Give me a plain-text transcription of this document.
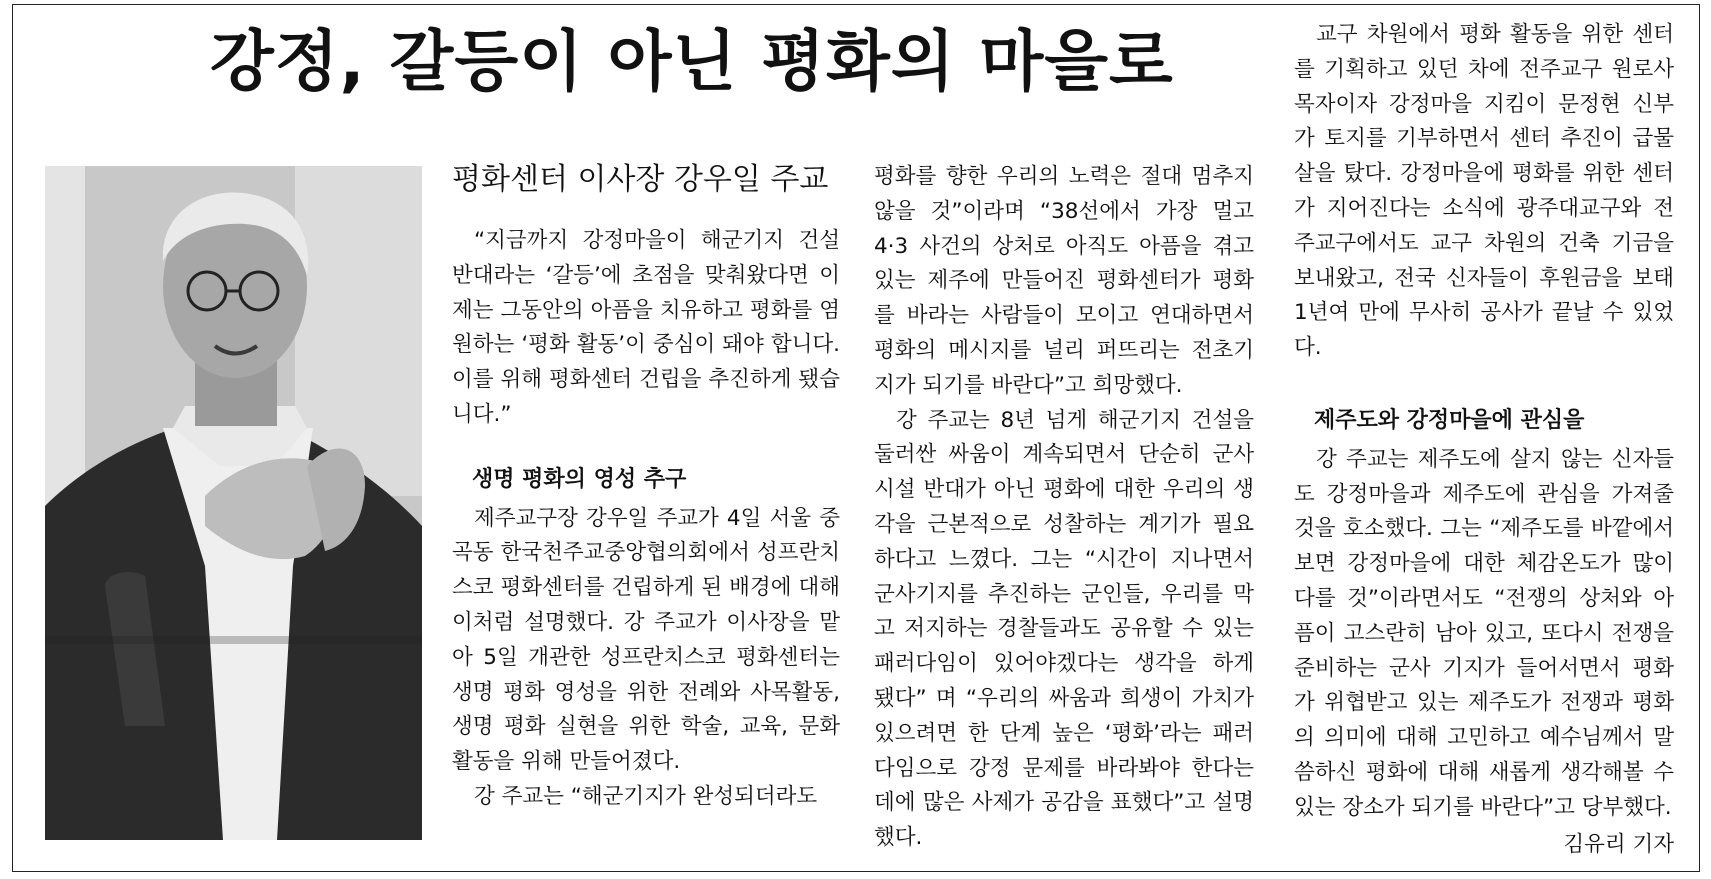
강정, 갈등이 아닌 평화의 마을로

평화센터 이사장 강우일 주교

“지금까지 강정마을이 해군기지 건설 반대라는 ‘갈등’에 초점을 맞춰왔다면 이제는 그동안의 아픔을 치유하고 평화를 염원하는 ‘평화 활동’이 중심이 돼야 합니다. 이를 위해 평화센터 건립을 추진하게 됐습니다.”

생명 평화의 영성 추구

제주교구장 강우일 주교가 4일 서울 중곡동 한국천주교중앙협의회에서 성프란치스코 평화센터를 건립하게 된 배경에 대해 이처럼 설명했다. 강 주교가 이사장을 맡아 5일 개관한 성프란치스코 평화센터는 생명 평화 영성을 위한 전례와 사목활동, 생명 평화 실현을 위한 학술, 교육, 문화 활동을 위해 만들어졌다.

강 주교는 “해군기지가 완성되더라도

평화를 향한 우리의 노력은 절대 멈추지 않을 것”이라며 “38선에서 가장 멀고 4·3 사건의 상처로 아직도 아픔을 겪고 있는 제주에 만들어진 평화센터가 평화를 바라는 사람들이 모이고 연대하면서 평화의 메시지를 널리 퍼뜨리는 전초기지가 되기를 바란다”고 희망했다.

강 주교는 8년 넘게 해군기지 건설을 둘러싼 싸움이 계속되면서 단순히 군사 시설 반대가 아닌 평화에 대한 우리의 생각을 근본적으로 성찰하는 계기가 필요하다고 느꼈다. 그는 “시간이 지나면서 군사기지를 추진하는 군인들, 우리를 막고 저지하는 경찰들과도 공유할 수 있는 패러다임이 있어야겠다는 생각을 하게 됐다” 며 “우리의 싸움과 희생이 가치가 있으려면 한 단계 높은 ‘평화’라는 패러다임으로 강정 문제를 바라봐야 한다는 데에 많은 사제가 공감을 표했다”고 설명했다.

교구 차원에서 평화 활동을 위한 센터를 기획하고 있던 차에 전주교구 원로사목자이자 강정마을 지킴이 문정현 신부가 토지를 기부하면서 센터 추진이 급물살을 탔다. 강정마을에 평화를 위한 센터가 지어진다는 소식에 광주대교구와 전주교구에서도 교구 차원의 건축 기금을 보내왔고, 전국 신자들이 후원금을 보태 1년여 만에 무사히 공사가 끝날 수 있었다.

제주도와 강정마을에 관심을

강 주교는 제주도에 살지 않는 신자들도 강정마을과 제주도에 관심을 가져줄 것을 호소했다. 그는 “제주도를 바깥에서 보면 강정마을에 대한 체감온도가 많이 다를 것”이라면서도 “전쟁의 상처와 아픔이 고스란히 남아 있고, 또다시 전쟁을 준비하는 군사 기지가 들어서면서 평화가 위협받고 있는 제주도가 전쟁과 평화의 의미에 대해 고민하고 예수님께서 말씀하신 평화에 대해 새롭게 생각해볼 수 있는 장소가 되기를 바란다”고 당부했다.

김유리 기자
